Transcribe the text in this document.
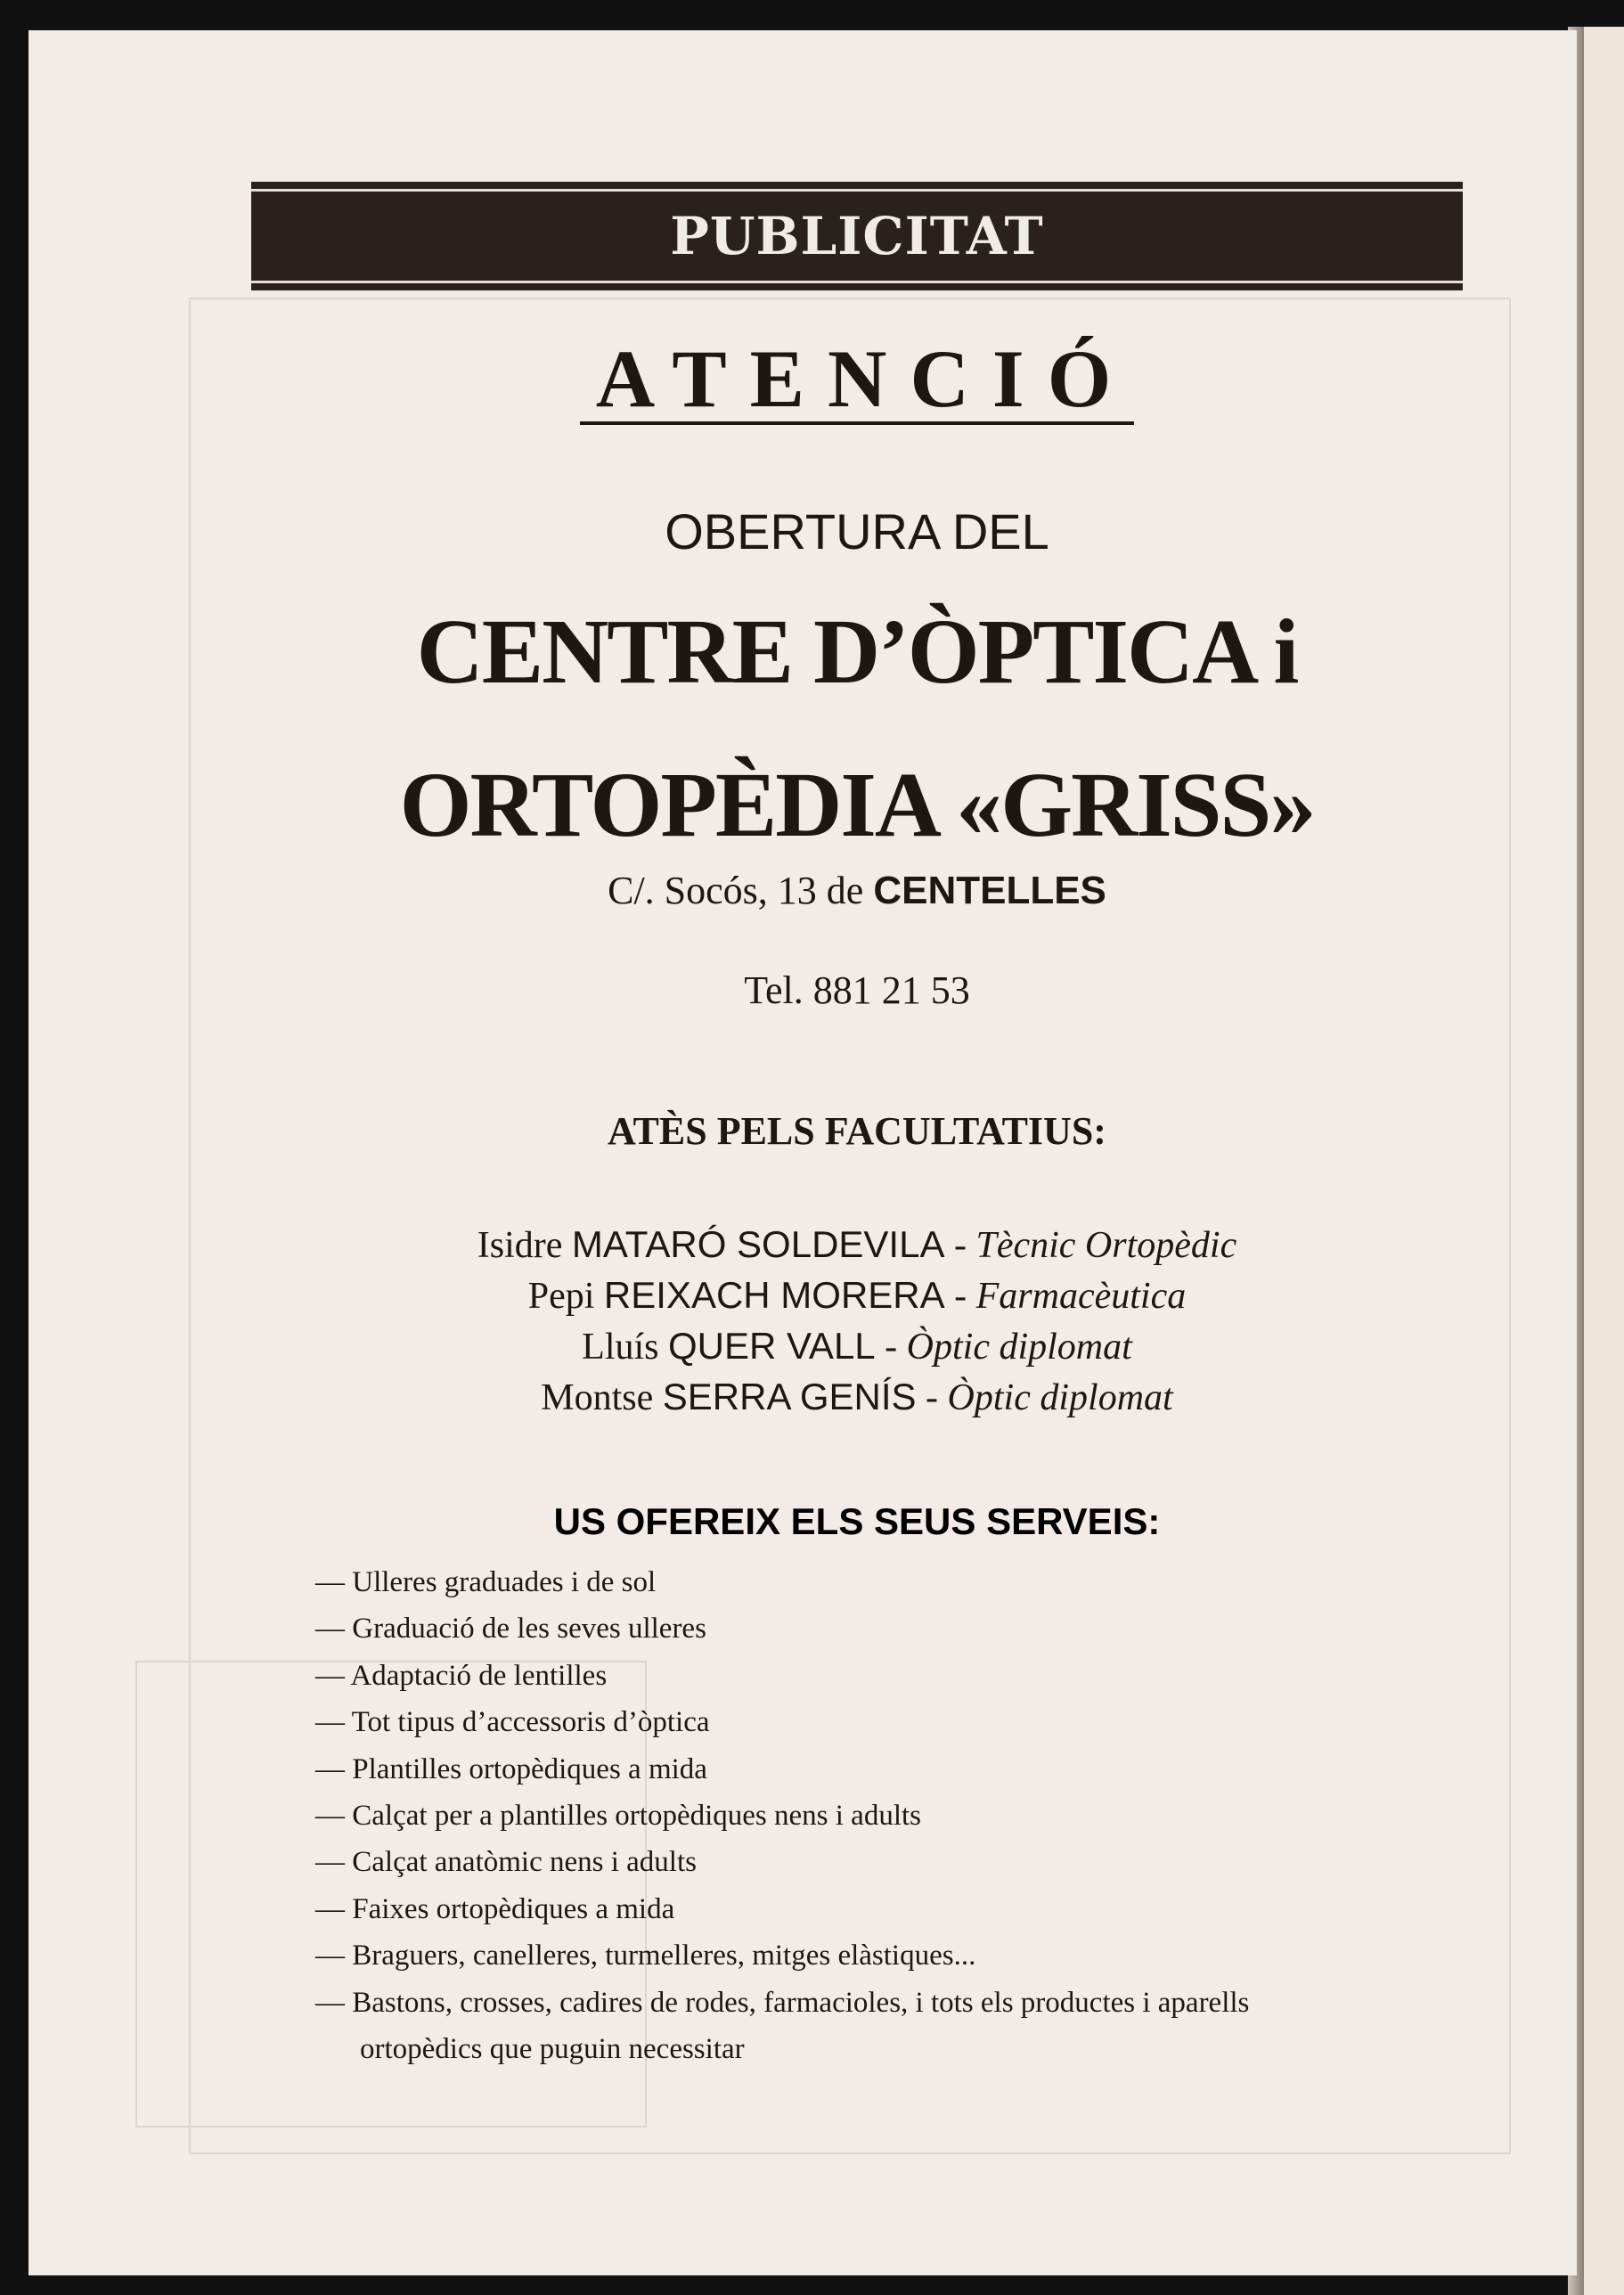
PUBLICITAT
ATENCIÓ
OBERTURA DEL
CENTRE D’ÒPTICA i
ORTOPÈDIA «GRISS»
C/. Socós, 13 de CENTELLES
Tel. 881 21 53
ATÈS PELS FACULTATIUS:
Isidre MATARÓ SOLDEVILA - Tècnic Ortopèdic
Pepi REIXACH MORERA - Farmacèutica
Lluís QUER VALL - Òptic diplomat
Montse SERRA GENÍS - Òptic diplomat
US OFEREIX ELS SEUS SERVEIS:
— Ulleres graduades i de sol
— Graduació de les seves ulleres
— Adaptació de lentilles
— Tot tipus d’accessoris d’òptica
— Plantilles ortopèdiques a mida
— Calçat per a plantilles ortopèdiques nens i adults
— Calçat anatòmic nens i adults
— Faixes ortopèdiques a mida
— Braguers, canelleres, turmelleres, mitges elàstiques...
— Bastons, crosses, cadires de rodes, farmacioles, i tots els productes i aparells ortopèdics que puguin necessitar
